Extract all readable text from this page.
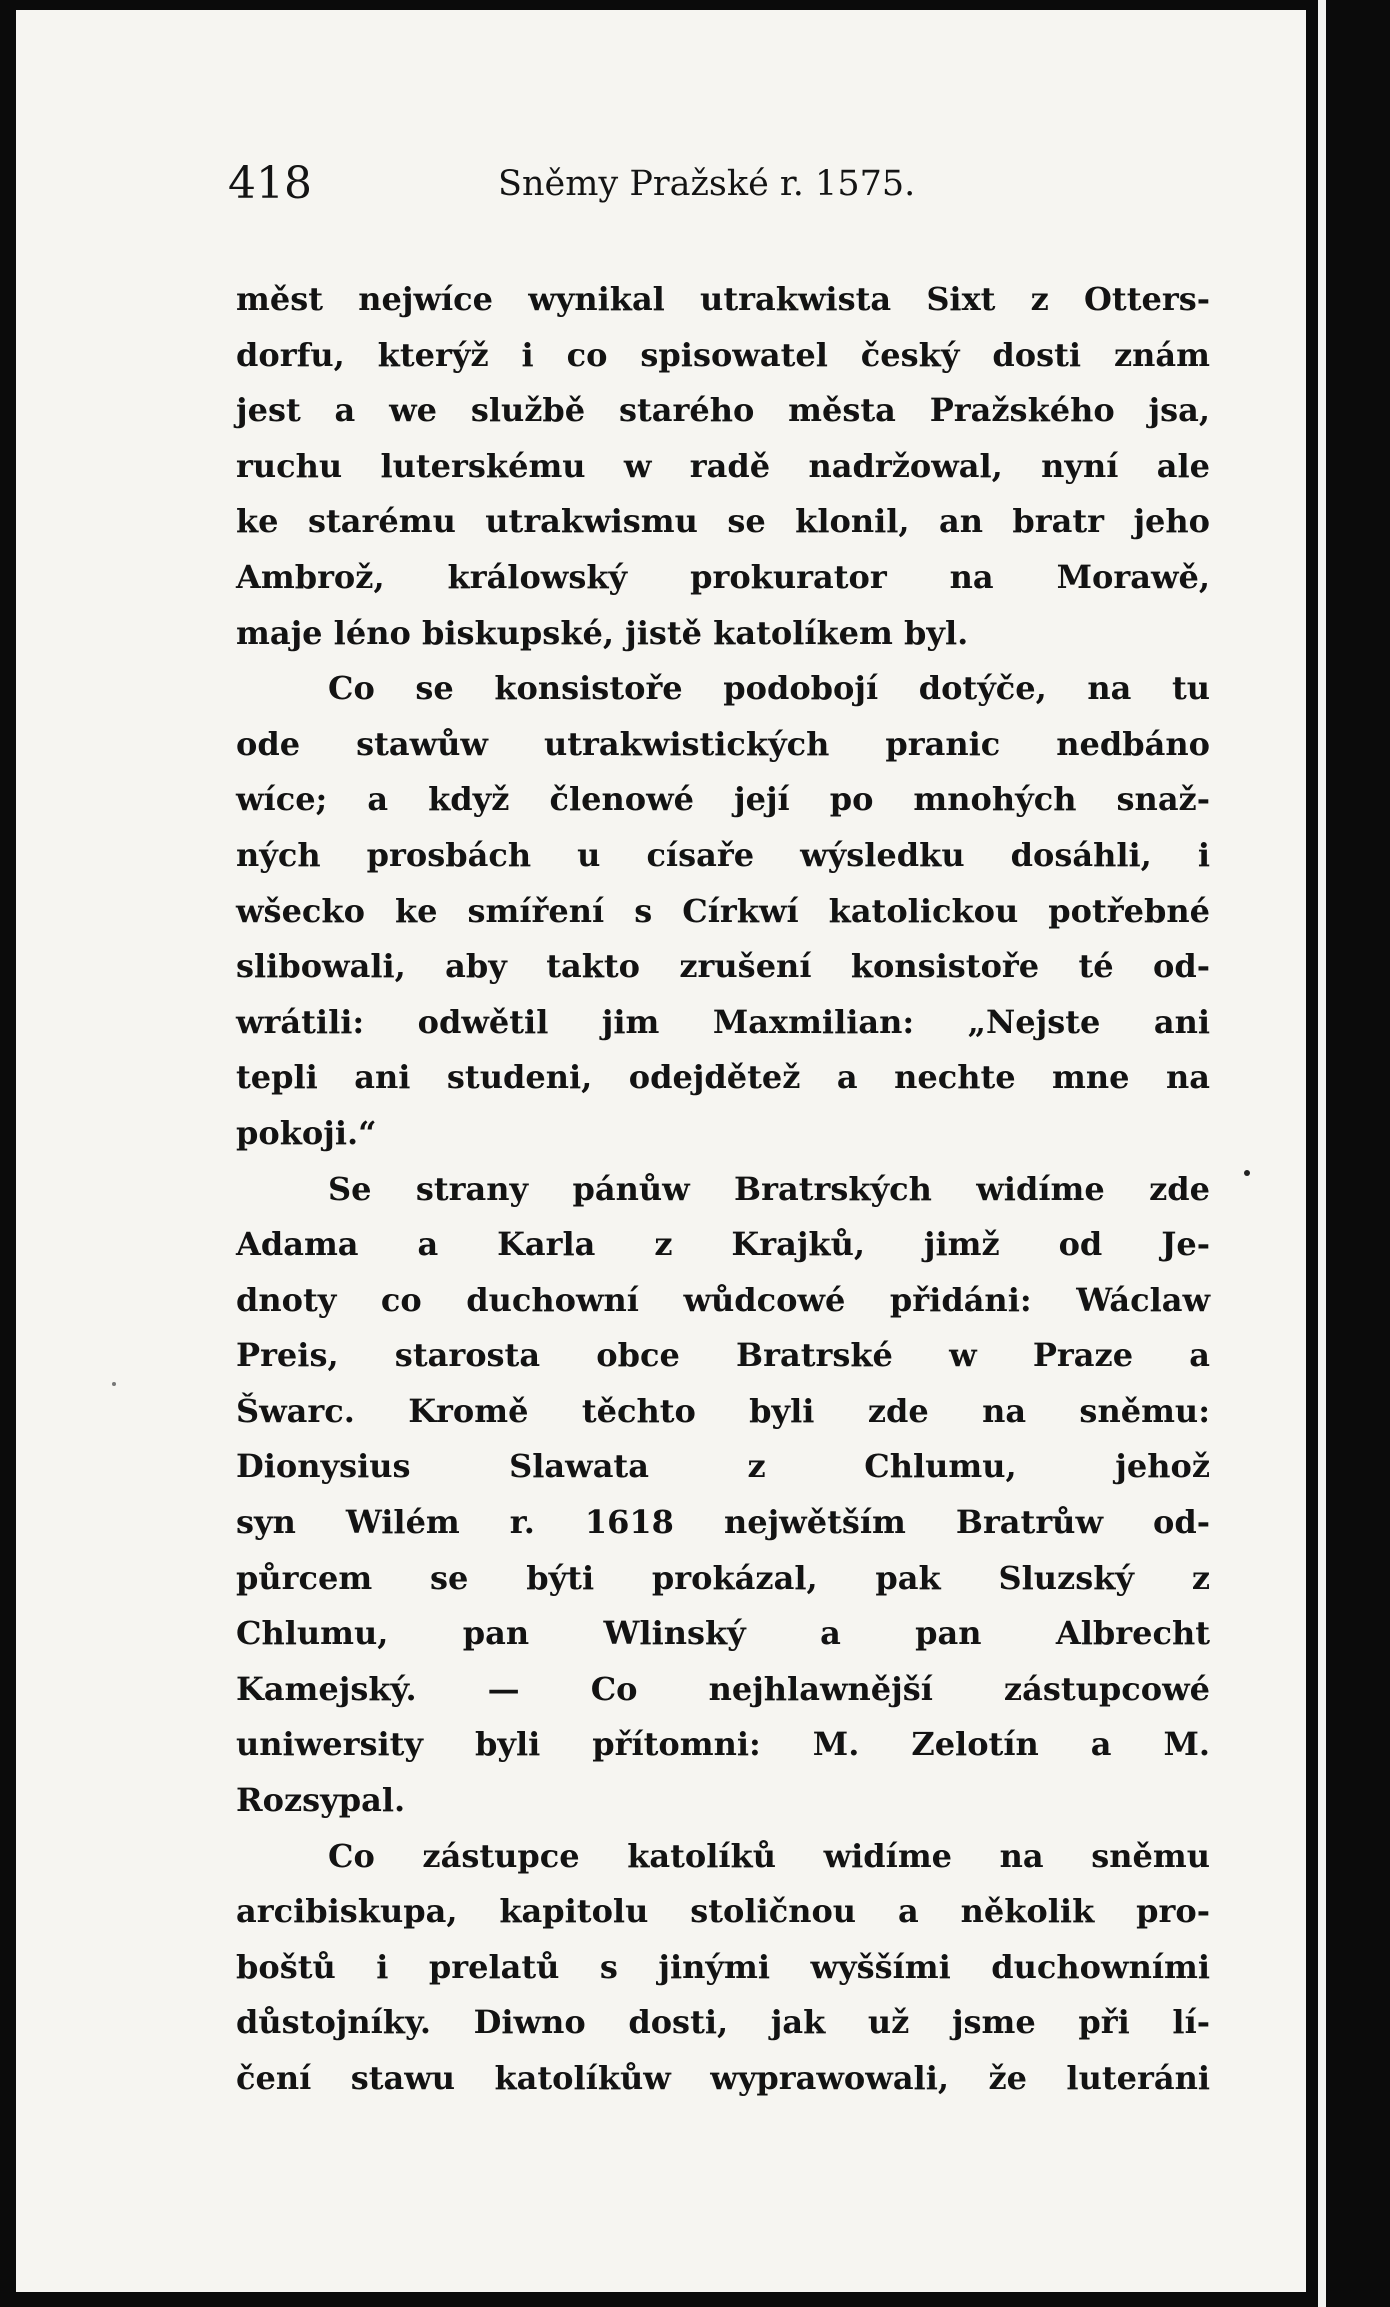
418	Sněmy Pražské r. 1575.
měst nejwíce wynikal utrakwista Sixt z Otters-
dorfu, kterýž i co spisowatel český dosti znám
jest a we službě starého města Pražského jsa,
ruchu luterskému w radě nadržowal, nyní ale
ke starému utrakwismu se klonil, an bratr jeho
Ambrož, králowský prokurator na Morawě,
maje léno biskupské, jistě katolíkem byl.
Co se konsistoře podobojí dotýče, na tu
ode stawůw utrakwistických pranic nedbáno
wíce; a když členowé její po mnohých snaž-
ných prosbách u císaře wýsledku dosáhli, i
wšecko ke smíření s Církwí katolickou potřebné
slibowali, aby takto zrušení konsistoře té od-
wrátili: odwětil jim Maxmilian: „Nejste ani
tepli ani studeni, odejdětež a nechte mne na
pokoji.“
Se strany pánůw Bratrských widíme zde
Adama a Karla z Krajků, jimž od Je-
dnoty co duchowní wůdcowé přidáni: Wáclaw
Preis, starosta obce Bratrské w Praze a
Šwarc. Kromě těchto byli zde na sněmu:
Dionysius Slawata z Chlumu, jehož
syn Wilém r. 1618 nejwětším Bratrůw od-
půrcem se býti prokázal, pak Sluzský z
Chlumu, pan Wlinský a pan Albrecht
Kamejský. — Co nejhlawnější zástupcowé
uniwersity byli přítomni: M. Zelotín a M.
Rozsypal.
Co zástupce katolíků widíme na sněmu
arcibiskupa, kapitolu stoličnou a několik pro-
boštů i prelatů s jinými wyššími duchowními
důstojníky. Diwno dosti, jak už jsme při lí-
čení stawu katolíkůw wyprawowali, že luteráni
